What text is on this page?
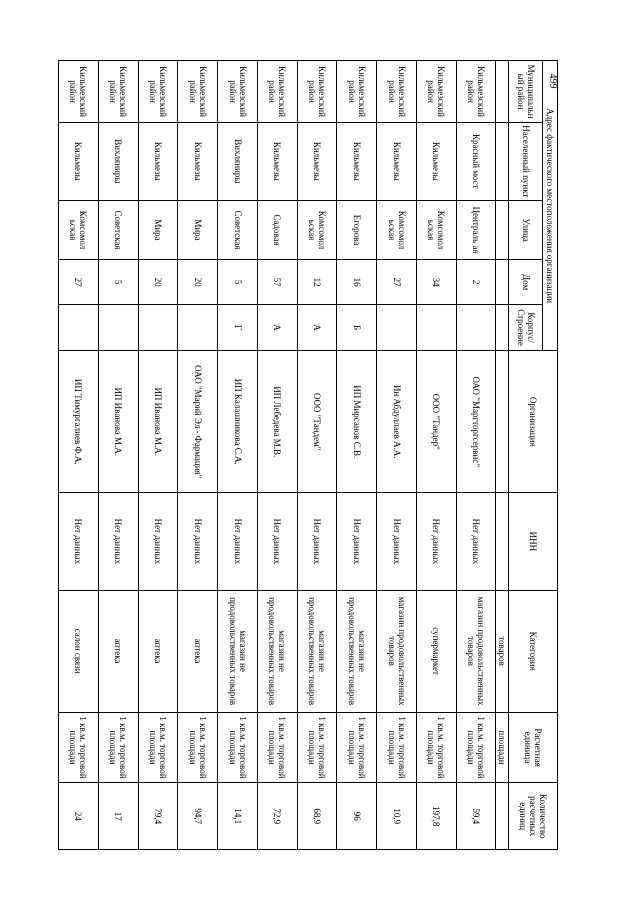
499
Адрес фактического местоположения организации					Организация	ИНН	Категория	Расчетная единица	Количество расчетных единиц
Муниципальный район	Населенный пункт	Улица	Дом	Корпус/ Строение					
							товаров	площади	
Кильмезский район	Красный мост	Централь ая	2		ОАО "Маргторгсервис"	Нет данных	магазин продовольственных товаров	1 кв.м. торговой площади	59,4
Кильмезский район	Кильмезы	Комсомол ьская	34		ООО "Тандер"	Нет данных	супермаркет	1 кв.м. торговой площади	197,8
Кильмезский район	Кильмезы	Комсомол ьская	27		Ин Абдуллаев А.А.	Нет данных	магазин продовольственных товаров	1 кв.м. торговой площади	10,9
Кильмезский район	Кильмезы	Егорова	16	Б	ИП Мирсанов С.В.	Нет данных	магазин не продовольственных товаров	1 кв.м. торговой площади	96
Кильмезский район	Кильмезы	Комсомол ьская	12	А	ООО "Тандем"	Нет данных	магазин не продовольственных товаров	1 кв.м. торговой площади	68,9
Кильмезский район	Кильмезы	Садовая	57	А	ИП Лебедева М.В.	Нет данных	магазин не продовольственных товаров	1 кв.м. торговой площади	72,9
Кильмезский район	Вихляниры	Советская	5	Г	ИП Калашникова С.А.	Нет данных	магазин не продовольственных товаров	1 кв.м. торговой площади	14,1
Кильмезский район	Кильмезы	Мира	20		ОАО "Марий Эл - Фармация"	Нет данных	аптека	1 кв.м. торговой площади	94,7
Кильмезский район	Кильмезы	Мира	20		ИП Иванова М.А.	Нет данных	аптека	1 кв.м. торговой площади	79,4
Кильмезский район	Вихляниры	Советская	5		ИП Иванова М.А.	Нет данных	аптека	1 кв.м. торговой площади	17
Кильмезский район	Кильмезы	Комсомол ьская	27		ИП Тимургалиев Ф.А.	Нет данных	салон связи	1 кв.м. торговой площади	24
